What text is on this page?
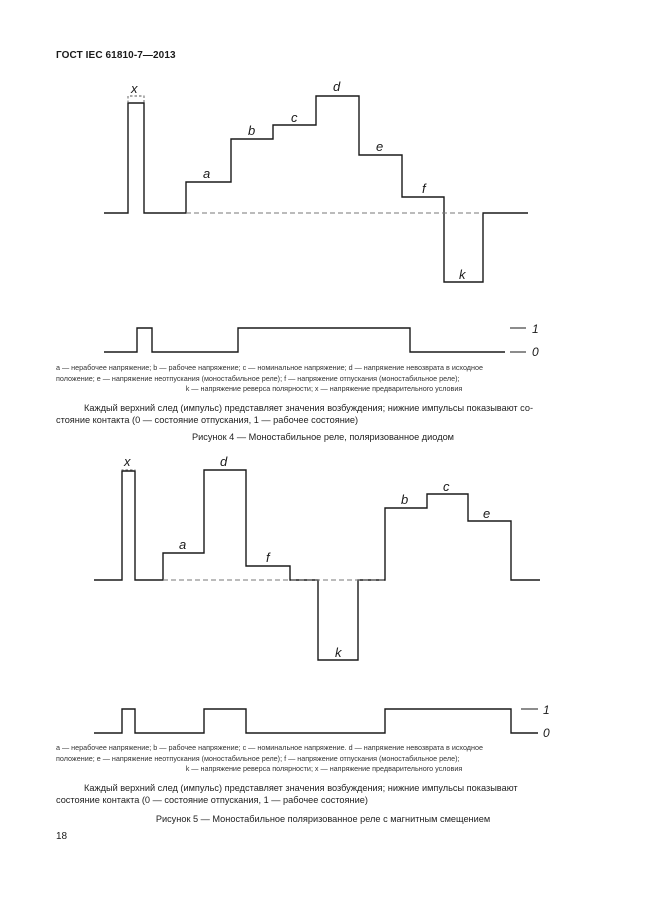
ГОСТ IEC 61810-7—2013
x
a
b
c
d
e
f
k
1
0
a — нерабочее напряжение; b — рабочее напряжение; c — номинальное напряжение; d — напряжение невозврата в исходное
положение; e — напряжение неотпускания (моностабильное реле); f — напряжение отпускания (моностабильное реле);
k — напряжение реверса полярности; x — напряжение предварительного условия
Каждый верхний след (импульс) представляет значения возбуждения; нижние импульсы показывают со-
стояние контакта (0 — состояние отпускания, 1 — рабочее состояние)
Рисунок 4 — Моностабильное реле, поляризованное диодом
x
a
b
c
d
e
f
k
1
0
a — нерабочее напряжение; b — рабочее напряжение; c — номинальное напряжение. d — напряжение невозврата в исходное
положение; e — напряжение неотпускания (моностабильное реле); f — напряжение отпускания (моностабильное реле);
k — напряжение реверса полярности; x — напряжение предварительного условия
Каждый верхний след (импульс) представляет значения возбуждения; нижние импульсы показывают
состояние контакта (0 — состояние отпускания, 1 — рабочее состояние)
Рисунок 5 — Моностабильное поляризованное реле с магнитным смещением
18
